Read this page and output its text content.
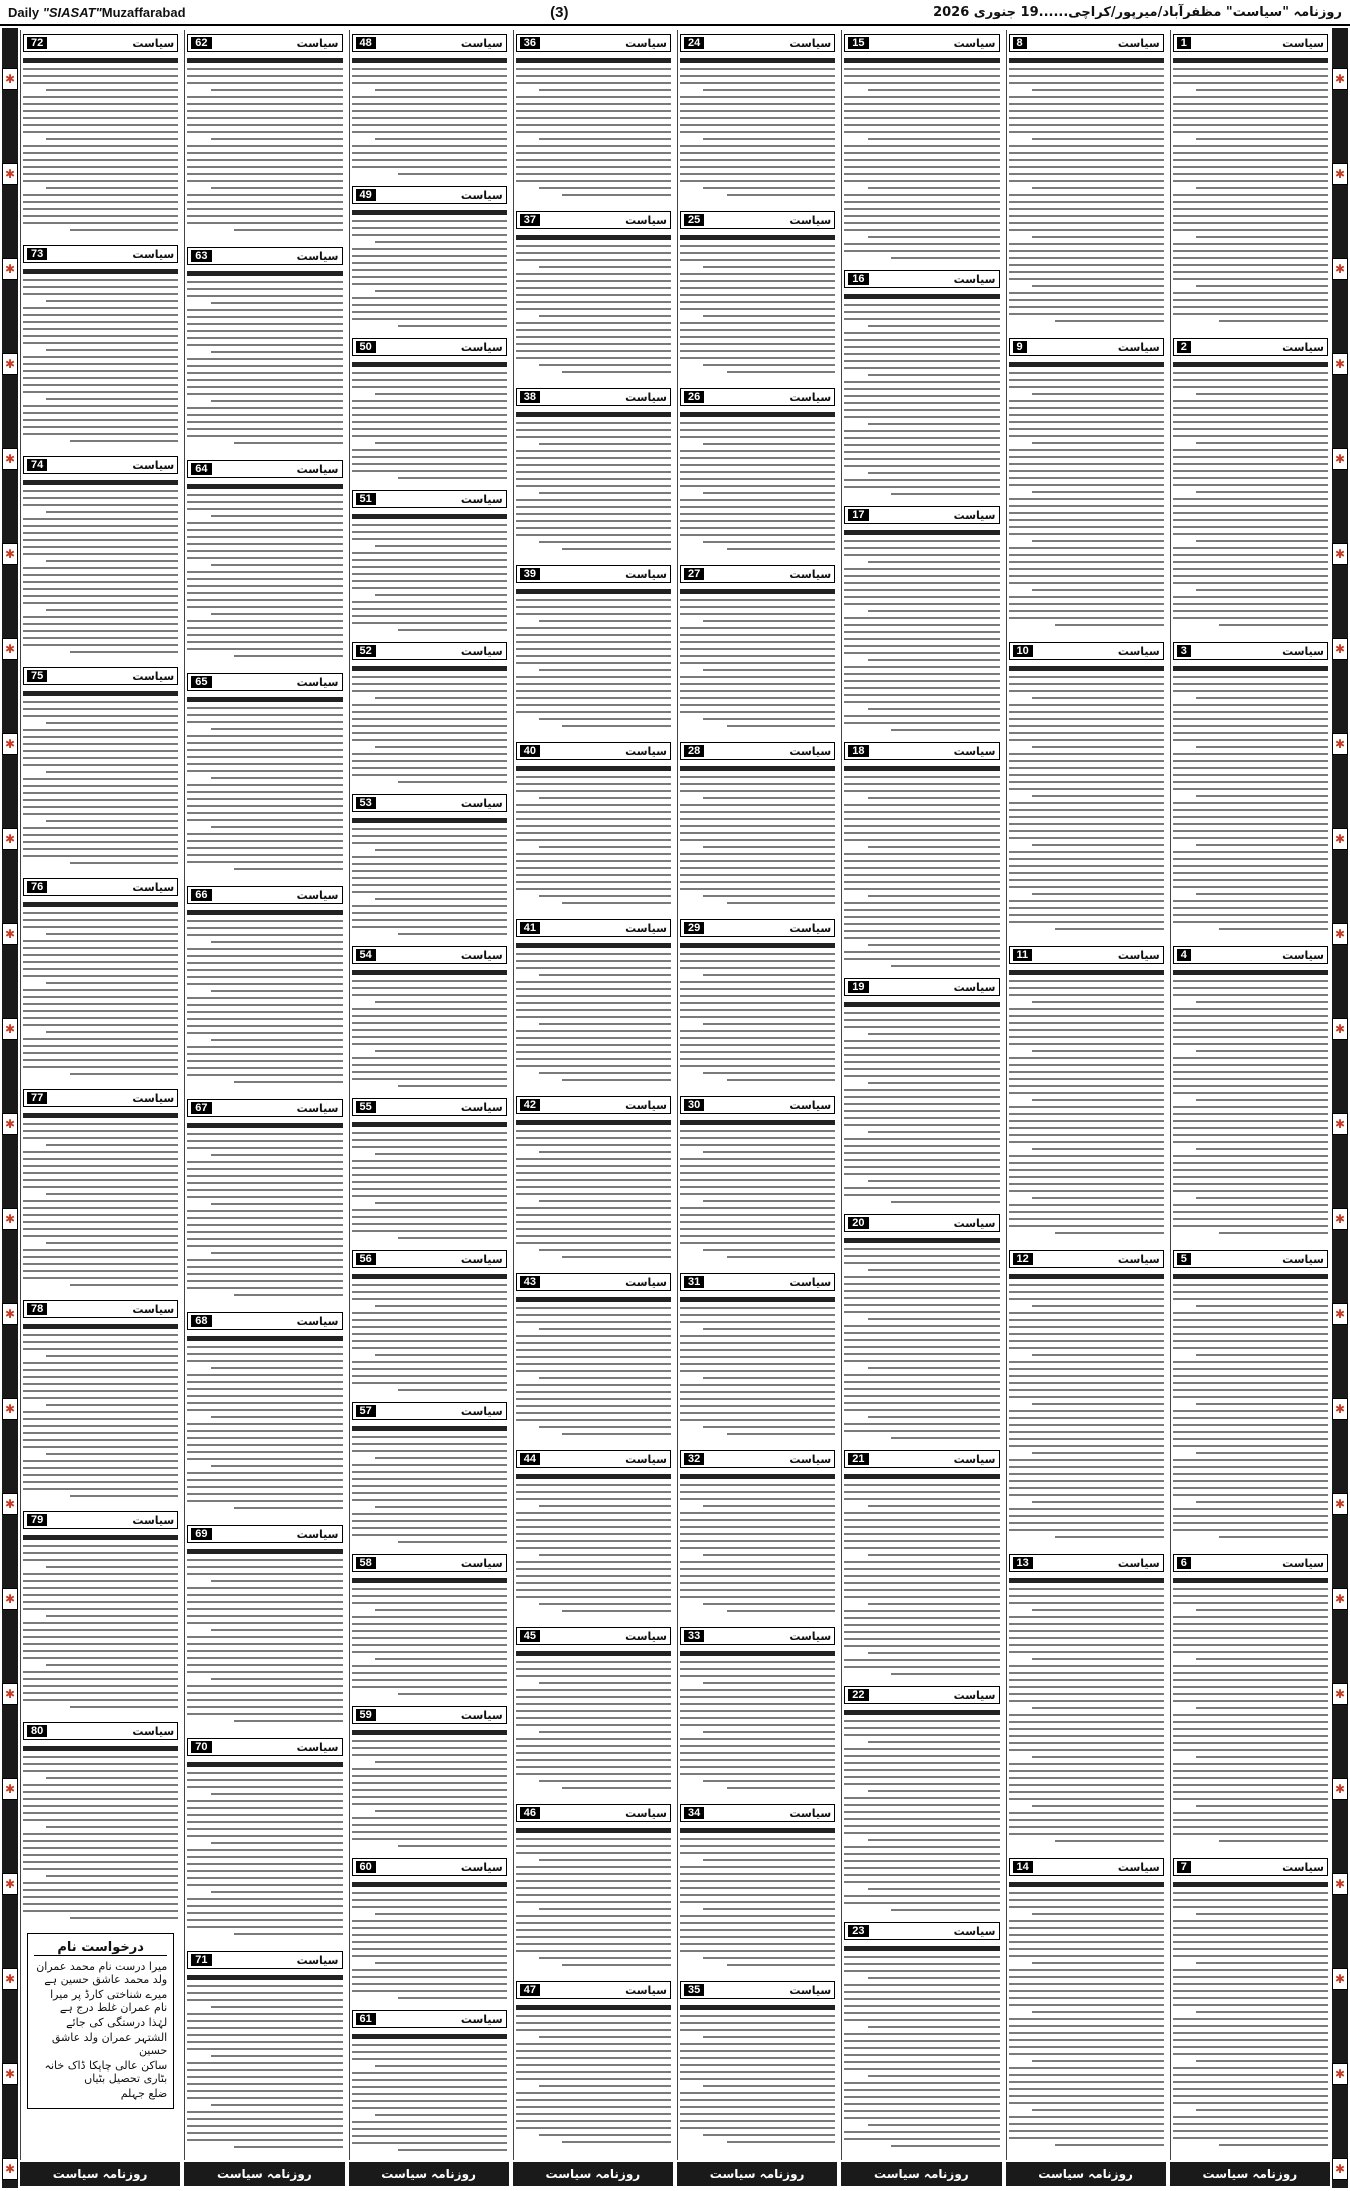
Daily "SIASAT"Muzaffarabad	(3)	روزنامہ "سیاست" مظفرآباد/میرپور/کراچی......19 جنوری 2026
✱
✱
✱
✱
✱
✱
✱
✱
✱
✱
✱
✱
✱
✱
✱
✱
✱
✱
✱
✱
✱
✱
✱
✱
✱
✱
✱
✱
✱
✱
✱
✱
✱
✱
✱
✱
✱
✱
✱
✱
✱
✱
✱
✱
✱
✱
سیاست
1
سیاست
2
سیاست
3
سیاست
4
سیاست
5
سیاست
6
سیاست
7
سیاست
8
سیاست
9
سیاست
10
سیاست
11
سیاست
12
سیاست
13
سیاست
14
سیاست
15
سیاست
16
سیاست
17
سیاست
18
سیاست
19
سیاست
20
سیاست
21
سیاست
22
سیاست
23
سیاست
24
سیاست
25
سیاست
26
سیاست
27
سیاست
28
سیاست
29
سیاست
30
سیاست
31
سیاست
32
سیاست
33
سیاست
34
سیاست
35
سیاست
36
سیاست
37
سیاست
38
سیاست
39
سیاست
40
سیاست
41
سیاست
42
سیاست
43
سیاست
44
سیاست
45
سیاست
46
سیاست
47
سیاست
48
سیاست
49
سیاست
50
سیاست
51
سیاست
52
سیاست
53
سیاست
54
سیاست
55
سیاست
56
سیاست
57
سیاست
58
سیاست
59
سیاست
60
سیاست
61
سیاست
62
سیاست
63
سیاست
64
سیاست
65
سیاست
66
سیاست
67
سیاست
68
سیاست
69
سیاست
70
سیاست
71
سیاست
72
سیاست
73
سیاست
74
سیاست
75
سیاست
76
سیاست
77
سیاست
78
سیاست
79
سیاست
80
درخواست نام
میرا درست نام محمد عمران ولد محمد عاشق حسین ہے
میرے شناختی کارڈ پر میرا نام عمران غلط درج ہے
لہٰذا درستگی کی جائے
الشتہر عمران ولد عاشق حسین
ساکن عالی چاپکا ڈاک خانہ بٹاری تحصیل بٹیاں
ضلع جہلم
روزنامہ سیاست	روزنامہ سیاست	روزنامہ سیاست	روزنامہ سیاست	روزنامہ سیاست	روزنامہ سیاست	روزنامہ سیاست	روزنامہ سیاست
